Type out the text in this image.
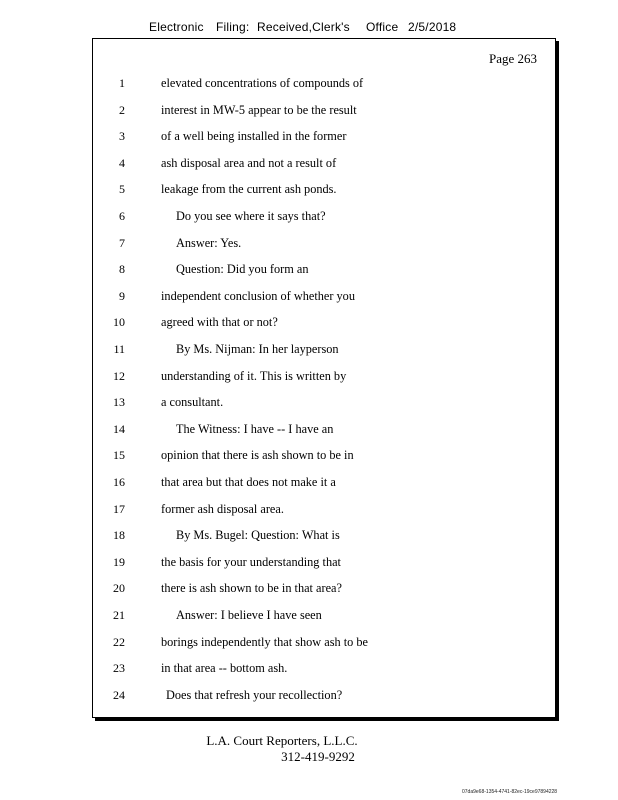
Electronic Filing: Received,Clerk's Office 2/5/2018
Page 263
1	elevated concentrations of compounds of
2	interest in MW-5 appear to be the result
3	of a well being installed in the former
4	ash disposal area and not a result of
5	leakage from the current ash ponds.
6	Do you see where it says that?
7	Answer: Yes.
8	Question: Did you form an
9	independent conclusion of whether you
10	agreed with that or not?
11	By Ms. Nijman: In her layperson
12	understanding of it. This is written by
13	a consultant.
14	The Witness: I have -- I have an
15	opinion that there is ash shown to be in
16	that area but that does not make it a
17	former ash disposal area.
18	By Ms. Bugel: Question: What is
19	the basis for your understanding that
20	there is ash shown to be in that area?
21	Answer: I believe I have seen
22	borings independently that show ash to be
23	in that area -- bottom ash.
24	Does that refresh your recollection?
L.A. Court Reporters, L.L.C.
312-419-9292
07da9e68-1354-4741-82ec-19ce97894228
